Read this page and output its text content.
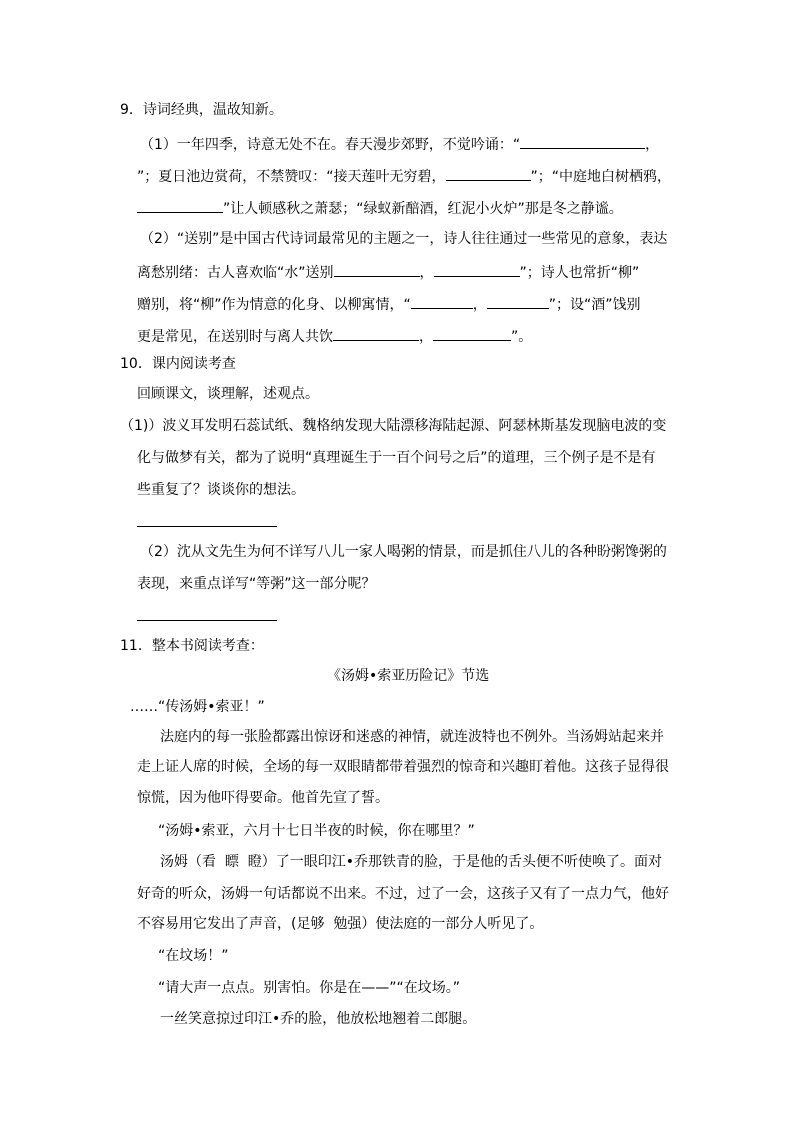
9．诗词经典，温故知新。
（1）一年四季，诗意无处不在。春天漫步郊野，不觉吟诵：“	，
”；夏日池边赏荷，不禁赞叹：“接天莲叶无穷碧，	”；“中庭地白树栖鸦，
”让人顿感秋之萧瑟；“绿蚁新醅酒，红泥小火炉”那是冬之静谧。
（2）“送别”是中国古代诗词最常见的主题之一，诗人往往通过一些常见的意象，表达
离愁别绪：古人喜欢临“水”送别	，	”；诗人也常折“柳”
赠别，将“柳”作为情意的化身、以柳寓情，“	，	”；设“酒”饯别
更是常见，在送别时与离人共饮	，	”。
10．课内阅读考查
回顾课文，谈理解，述观点。
（1)）波义耳发明石蕊试纸、魏格纳发现大陆漂移海陆起源、阿瑟林斯基发现脑电波的变
化与做梦有关，都为了说明“真理诞生于一百个问号之后”的道理，三个例子是不是有
些重复了？谈谈你的想法。
（2）沈从文先生为何不详写八儿一家人喝粥的情景，而是抓住八儿的各种盼粥馋粥的
表现，来重点详写“等粥”这一部分呢？
11．整本书阅读考查：
《汤姆•索亚历险记》节选
……“传汤姆•索亚！”
法庭内的每一张脸都露出惊讶和迷惑的神情，就连波特也不例外。当汤姆站起来并
走上证人席的时候，全场的每一双眼睛都带着强烈的惊奇和兴趣盯着他。这孩子显得很
惊慌，因为他吓得要命。他首先宣了誓。
“汤姆•索亚，六月十七日半夜的时候，你在哪里？”
汤姆（看  瞟  瞪）了一眼印江•乔那铁青的脸，于是他的舌头便不听使唤了。面对
好奇的听众，汤姆一句话都说不出来。不过，过了一会，这孩子又有了一点力气，他好
不容易用它发出了声音，(足够  勉强）使法庭的一部分人听见了。
“在坟场！”
“请大声一点点。别害怕。你是在——”“在坟场。”
一丝笑意掠过印江•乔的脸，他放松地翘着二郎腿。
